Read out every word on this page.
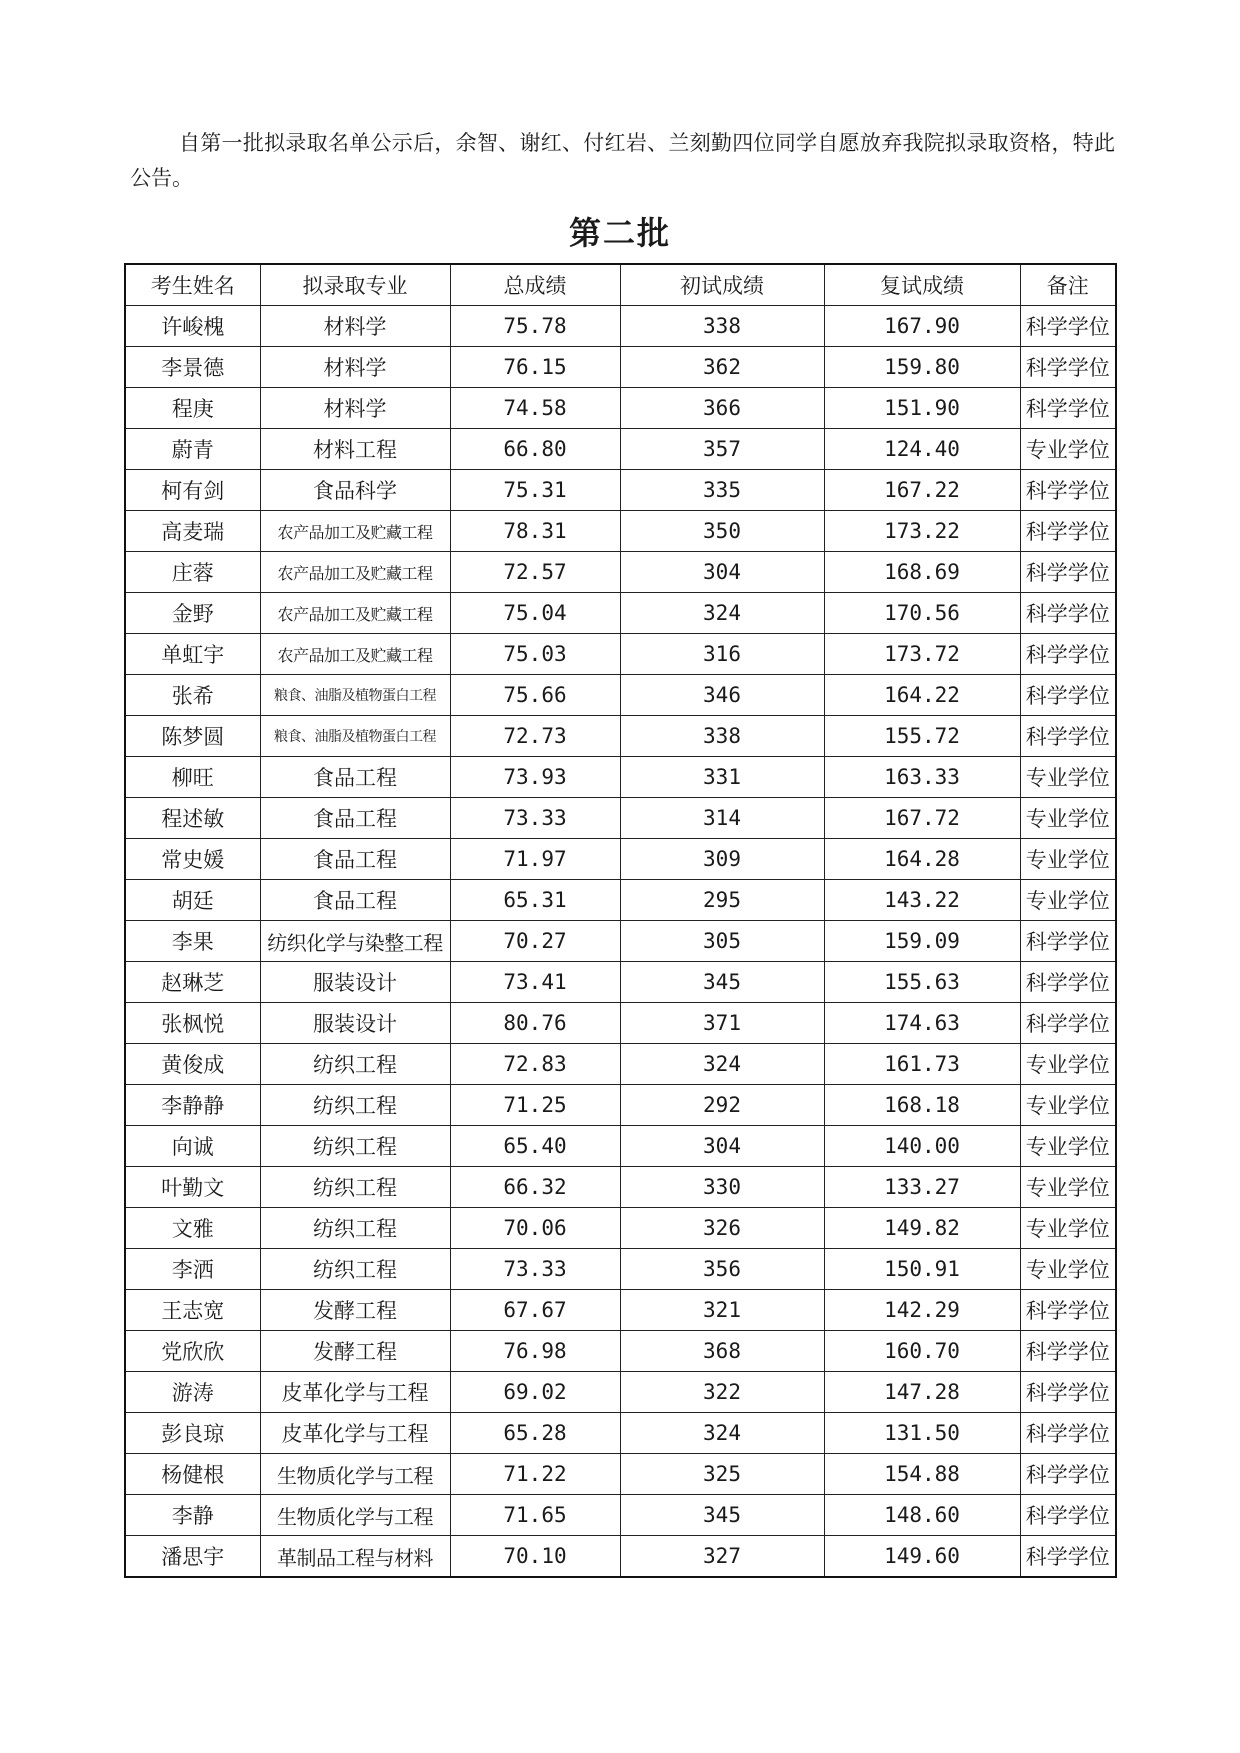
自第一批拟录取名单公示后，余智、谢红、付红岩、兰刻勤四位同学自愿放弃我院拟录取资格，特此公告。
第二批
考生姓名	拟录取专业	总成绩	初试成绩	复试成绩	备注
许峻槐	材料学	75.78	338	167.90	科学学位
李景德	材料学	76.15	362	159.80	科学学位
程庚	材料学	74.58	366	151.90	科学学位
蔚青	材料工程	66.80	357	124.40	专业学位
柯有剑	食品科学	75.31	335	167.22	科学学位
高麦瑞	农产品加工及贮藏工程	78.31	350	173.22	科学学位
庄蓉	农产品加工及贮藏工程	72.57	304	168.69	科学学位
金野	农产品加工及贮藏工程	75.04	324	170.56	科学学位
单虹宇	农产品加工及贮藏工程	75.03	316	173.72	科学学位
张希	粮食、油脂及植物蛋白工程	75.66	346	164.22	科学学位
陈梦圆	粮食、油脂及植物蛋白工程	72.73	338	155.72	科学学位
柳旺	食品工程	73.93	331	163.33	专业学位
程述敏	食品工程	73.33	314	167.72	专业学位
常史媛	食品工程	71.97	309	164.28	专业学位
胡廷	食品工程	65.31	295	143.22	专业学位
李果	纺织化学与染整工程	70.27	305	159.09	科学学位
赵琳芝	服装设计	73.41	345	155.63	科学学位
张枫悦	服装设计	80.76	371	174.63	科学学位
黄俊成	纺织工程	72.83	324	161.73	专业学位
李静静	纺织工程	71.25	292	168.18	专业学位
向诚	纺织工程	65.40	304	140.00	专业学位
叶勤文	纺织工程	66.32	330	133.27	专业学位
文雅	纺织工程	70.06	326	149.82	专业学位
李洒	纺织工程	73.33	356	150.91	专业学位
王志宽	发酵工程	67.67	321	142.29	科学学位
党欣欣	发酵工程	76.98	368	160.70	科学学位
游涛	皮革化学与工程	69.02	322	147.28	科学学位
彭良琼	皮革化学与工程	65.28	324	131.50	科学学位
杨健根	生物质化学与工程	71.22	325	154.88	科学学位
李静	生物质化学与工程	71.65	345	148.60	科学学位
潘思宇	革制品工程与材料	70.10	327	149.60	科学学位
